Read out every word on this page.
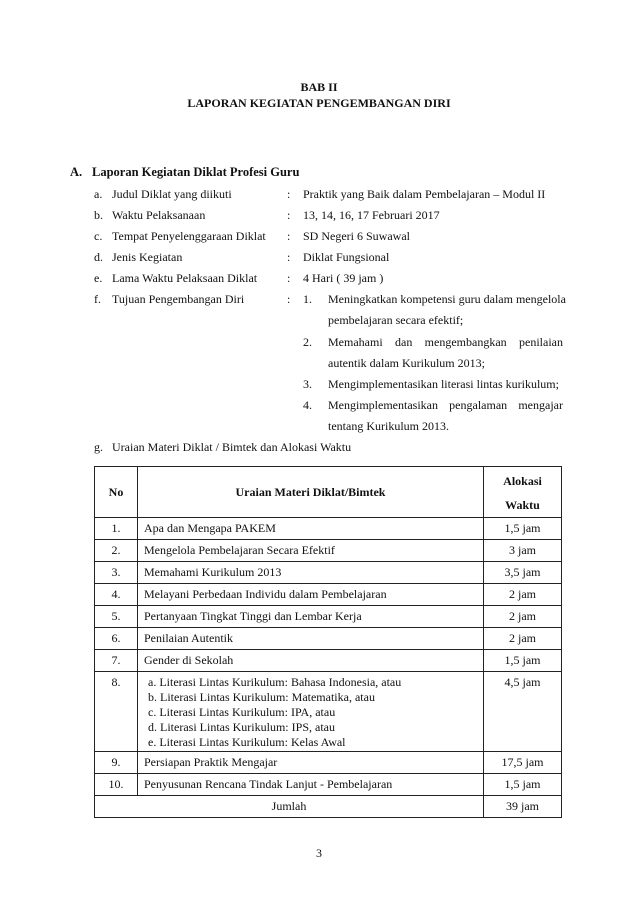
BAB II
LAPORAN KEGIATAN PENGEMBANGAN DIRI
A. Laporan Kegiatan Diklat Profesi Guru
a. Judul Diklat yang diikuti	: Praktik yang Baik dalam Pembelajaran – Modul II
b. Waktu Pelaksanaan	: 13, 14, 16, 17 Februari 2017
c. Tempat Penyelenggaraan Diklat : SD Negeri 6 Suwawal
d. Jenis Kegiatan	: Diklat Fungsional
e. Lama Waktu Pelaksaan Diklat : 4 Hari ( 39 jam )
f. Tujuan Pengembangan Diri	: 1. Meningkatkan kompetensi guru dalam mengelola
pembelajaran secara efektif;
2. Memahami dan mengembangkan penilaian
autentik dalam Kurikulum 2013;
3. Mengimplementasikan literasi lintas kurikulum;
4. Mengimplementasikan pengalaman mengajar
tentang Kurikulum 2013.
g. Uraian Materi Diklat / Bimtek dan Alokasi Waktu
No	Uraian Materi Diklat/Bimtek	Alokasi
Waktu

1.	Apa dan Mengapa PAKEM	1,5 jam
2.	Mengelola Pembelajaran Secara Efektif	3 jam
3.	Memahami Kurikulum 2013	3,5 jam
4.	Melayani Perbedaan Individu dalam Pembelajaran	2 jam
5.	Pertanyaan Tingkat Tinggi dan Lembar Kerja	2 jam
6.	Penilaian Autentik	2 jam
7.	Gender di Sekolah	1,5 jam
8.	a. Literasi Lintas Kurikulum: Bahasa Indonesia, atau
b. Literasi Lintas Kurikulum: Matematika, atau
c. Literasi Lintas Kurikulum: IPA, atau
d. Literasi Lintas Kurikulum: IPS, atau
e. Literasi Lintas Kurikulum: Kelas Awal	4,5 jam
9.	Persiapan Praktik Mengajar	17,5 jam
10.	Penyusunan Rencana Tindak Lanjut - Pembelajaran	1,5 jam
Jumlah		39 jam
3
